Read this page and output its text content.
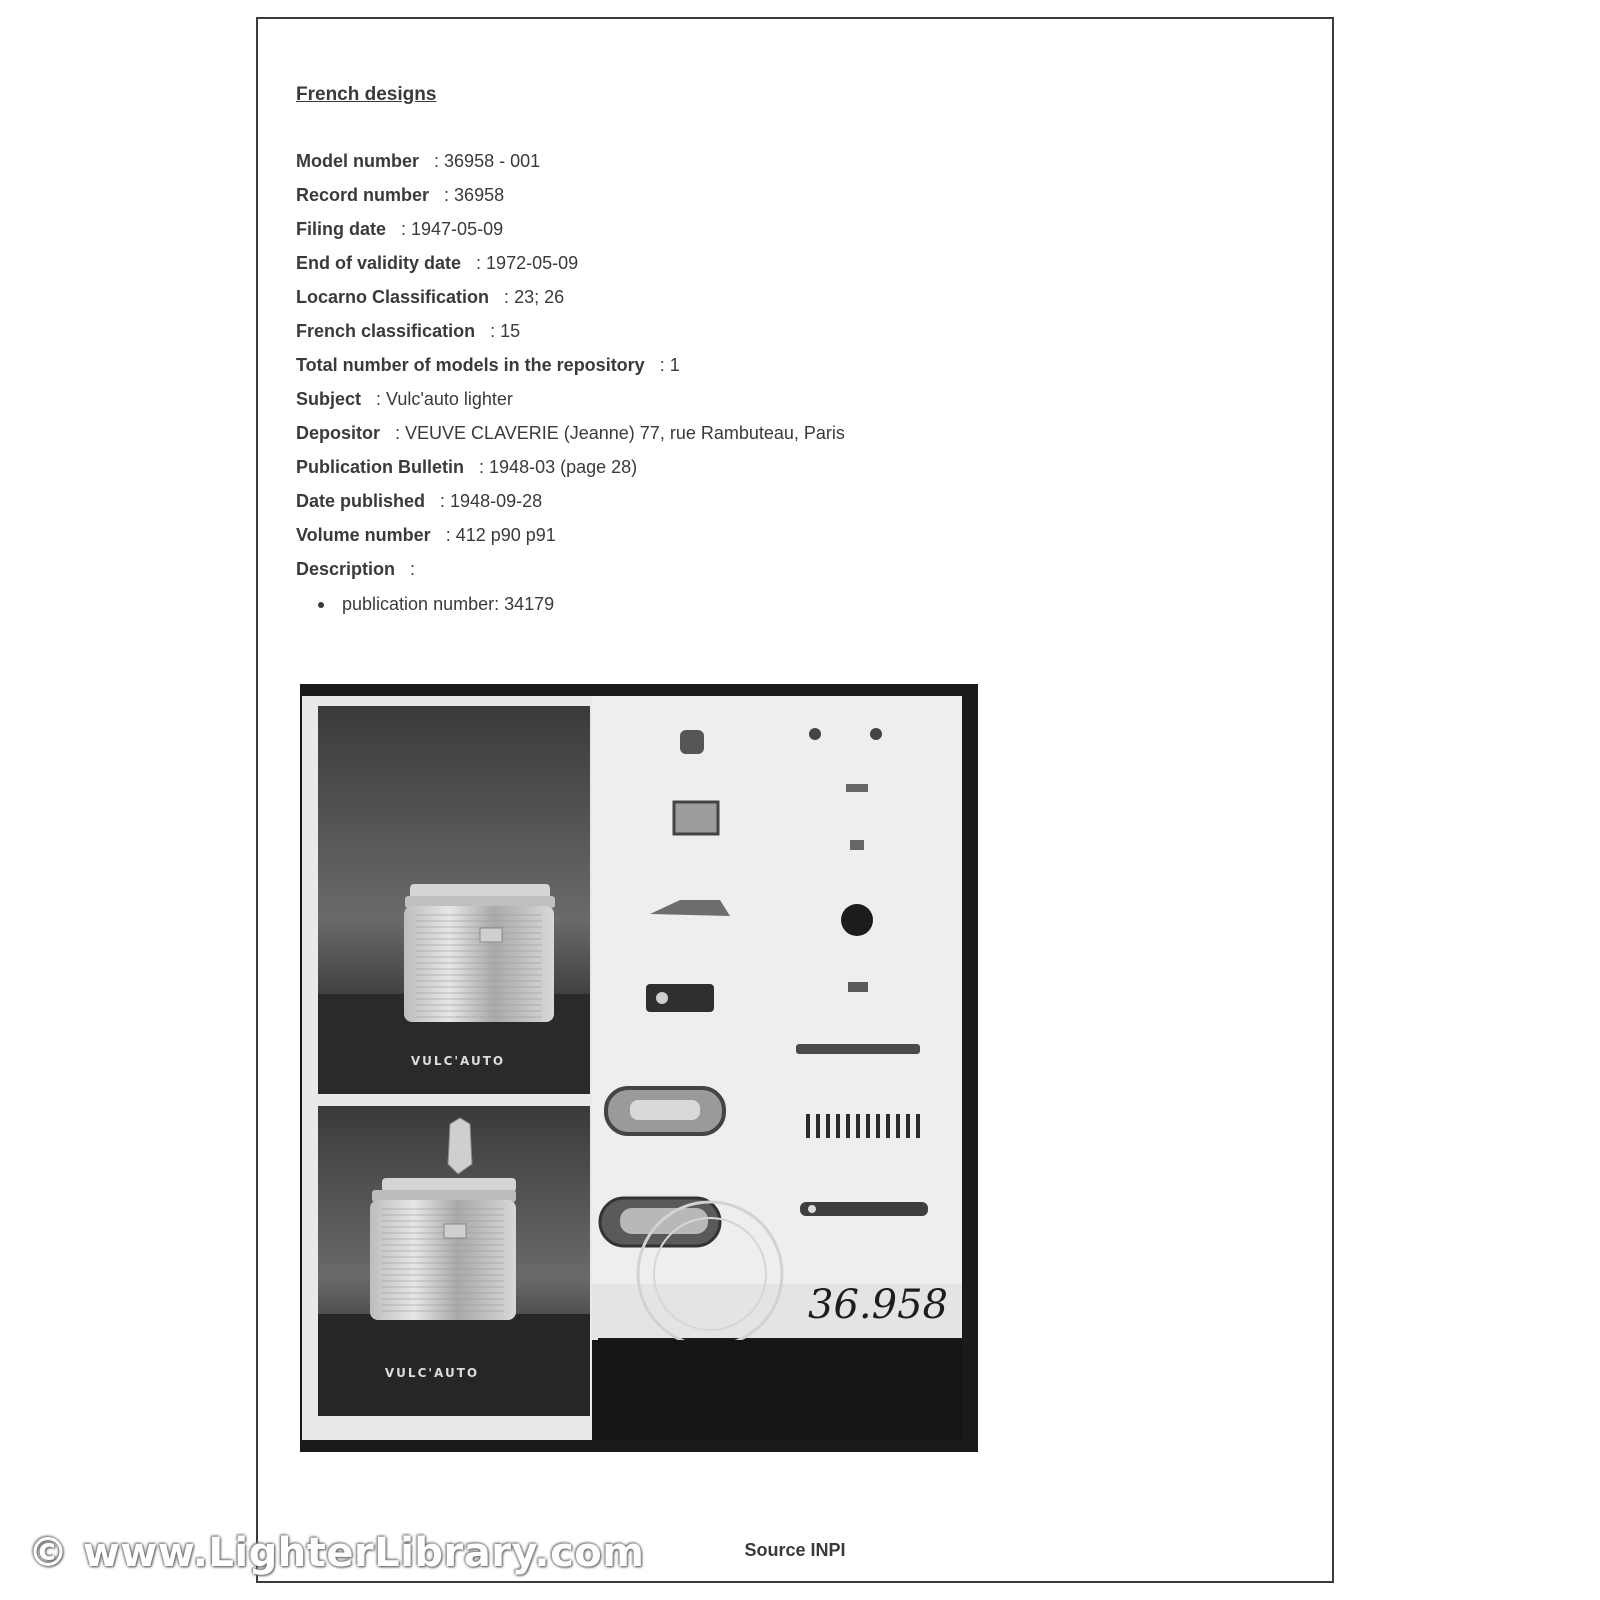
French designs
Model number : 36958 - 001
Record number : 36958
Filing date : 1947-05-09
End of validity date : 1972-05-09
Locarno Classification : 23; 26
French classification : 15
Total number of models in the repository : 1
Subject : Vulc'auto lighter
Depositor : VEUVE CLAVERIE (Jeanne) 77, rue Rambuteau, Paris
Publication Bulletin : 1948-03 (page 28)
Date published : 1948-09-28
Volume number : 412 p90 p91
Description :
publication number: 34179
VULC'AUTO
VULC'AUTO
36.958
Source INPI
© www.LighterLibrary.com
